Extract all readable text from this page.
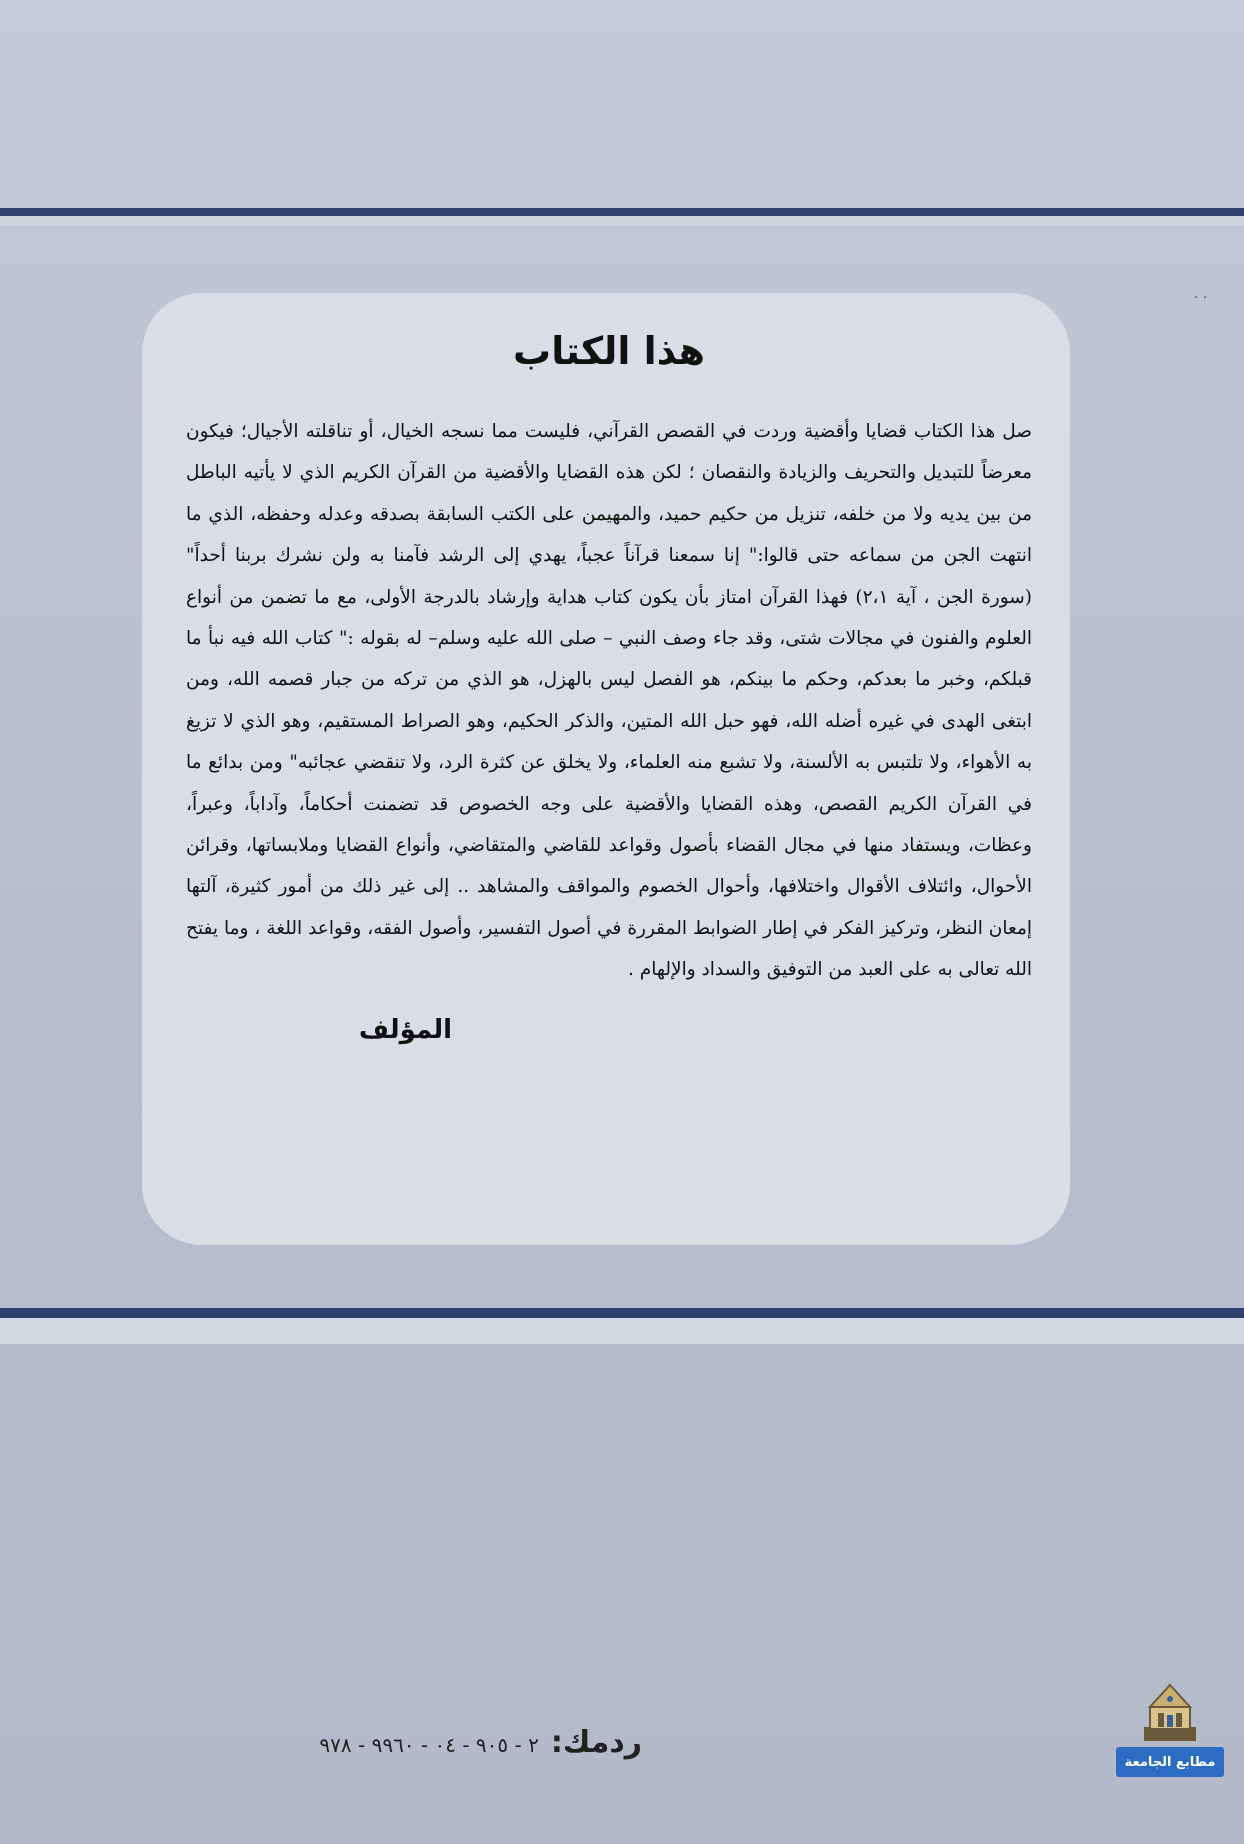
· ·
هذا الكتاب

صل هذا الكتاب قضايا وأقضية وردت في القصص القرآني، فليست مما نسجه الخيال، أو تناقلته الأجيال؛ فيكون معرضاً للتبديل والتحريف والزيادة والنقصان ؛ لكن هذه القضايا والأقضية من القرآن الكريم الذي لا يأتيه الباطل من بين يديه ولا من خلفه، تنزيل من حكيم حميد، والمهيمن على الكتب السابقة بصدقه وعدله وحفظه، الذي ما انتهت الجن من سماعه حتى قالوا:" إنا سمعنا قرآناً عجباً، يهدي إلى الرشد فآمنا به ولن نشرك بربنا أحداً" (سورة الجن ، آية ٢،١) فهذا القرآن امتاز بأن يكون كتاب هداية وإرشاد بالدرجة الأولى، مع ما تضمن من أنواع العلوم والفنون في مجالات شتى، وقد جاء وصف النبي – صلى الله عليه وسلم– له بقوله :" كتاب الله فيه نبأ ما قبلكم، وخبر ما بعدكم، وحكم ما بينكم، هو الفصل ليس بالهزل، هو الذي من تركه من جبار قصمه الله، ومن ابتغى الهدى في غيره أضله الله، فهو حبل الله المتين، والذكر الحكيم، وهو الصراط المستقيم، وهو الذي لا تزيغ به الأهواء، ولا تلتبس به الألسنة، ولا تشبع منه العلماء، ولا يخلق عن كثرة الرد، ولا تنقضي عجائبه" ومن بدائع ما في القرآن الكريم القصص، وهذه القضايا والأقضية على وجه الخصوص قد تضمنت أحكاماً، وآداباً، وعبراً، وعظات، ويستفاد منها في مجال القضاء بأصول وقواعد للقاضي والمتقاضي، وأنواع القضايا وملابساتها، وقرائن الأحوال، وائتلاف الأقوال واختلافها، وأحوال الخصوم والمواقف والمشاهد .. إلى غير ذلك من أمور كثيرة، آلتها إمعان النظر، وتركيز الفكر في إطار الضوابط المقررة في أصول التفسير، وأصول الفقه، وقواعد اللغة ، وما يفتح الله تعالى به على العبد من التوفيق والسداد والإلهام .

المؤلف

ردمك:
٢ - ٩٠٥ - ٠٤ - ٩٩٦٠ - ٩٧٨
مطابع الجامعة
